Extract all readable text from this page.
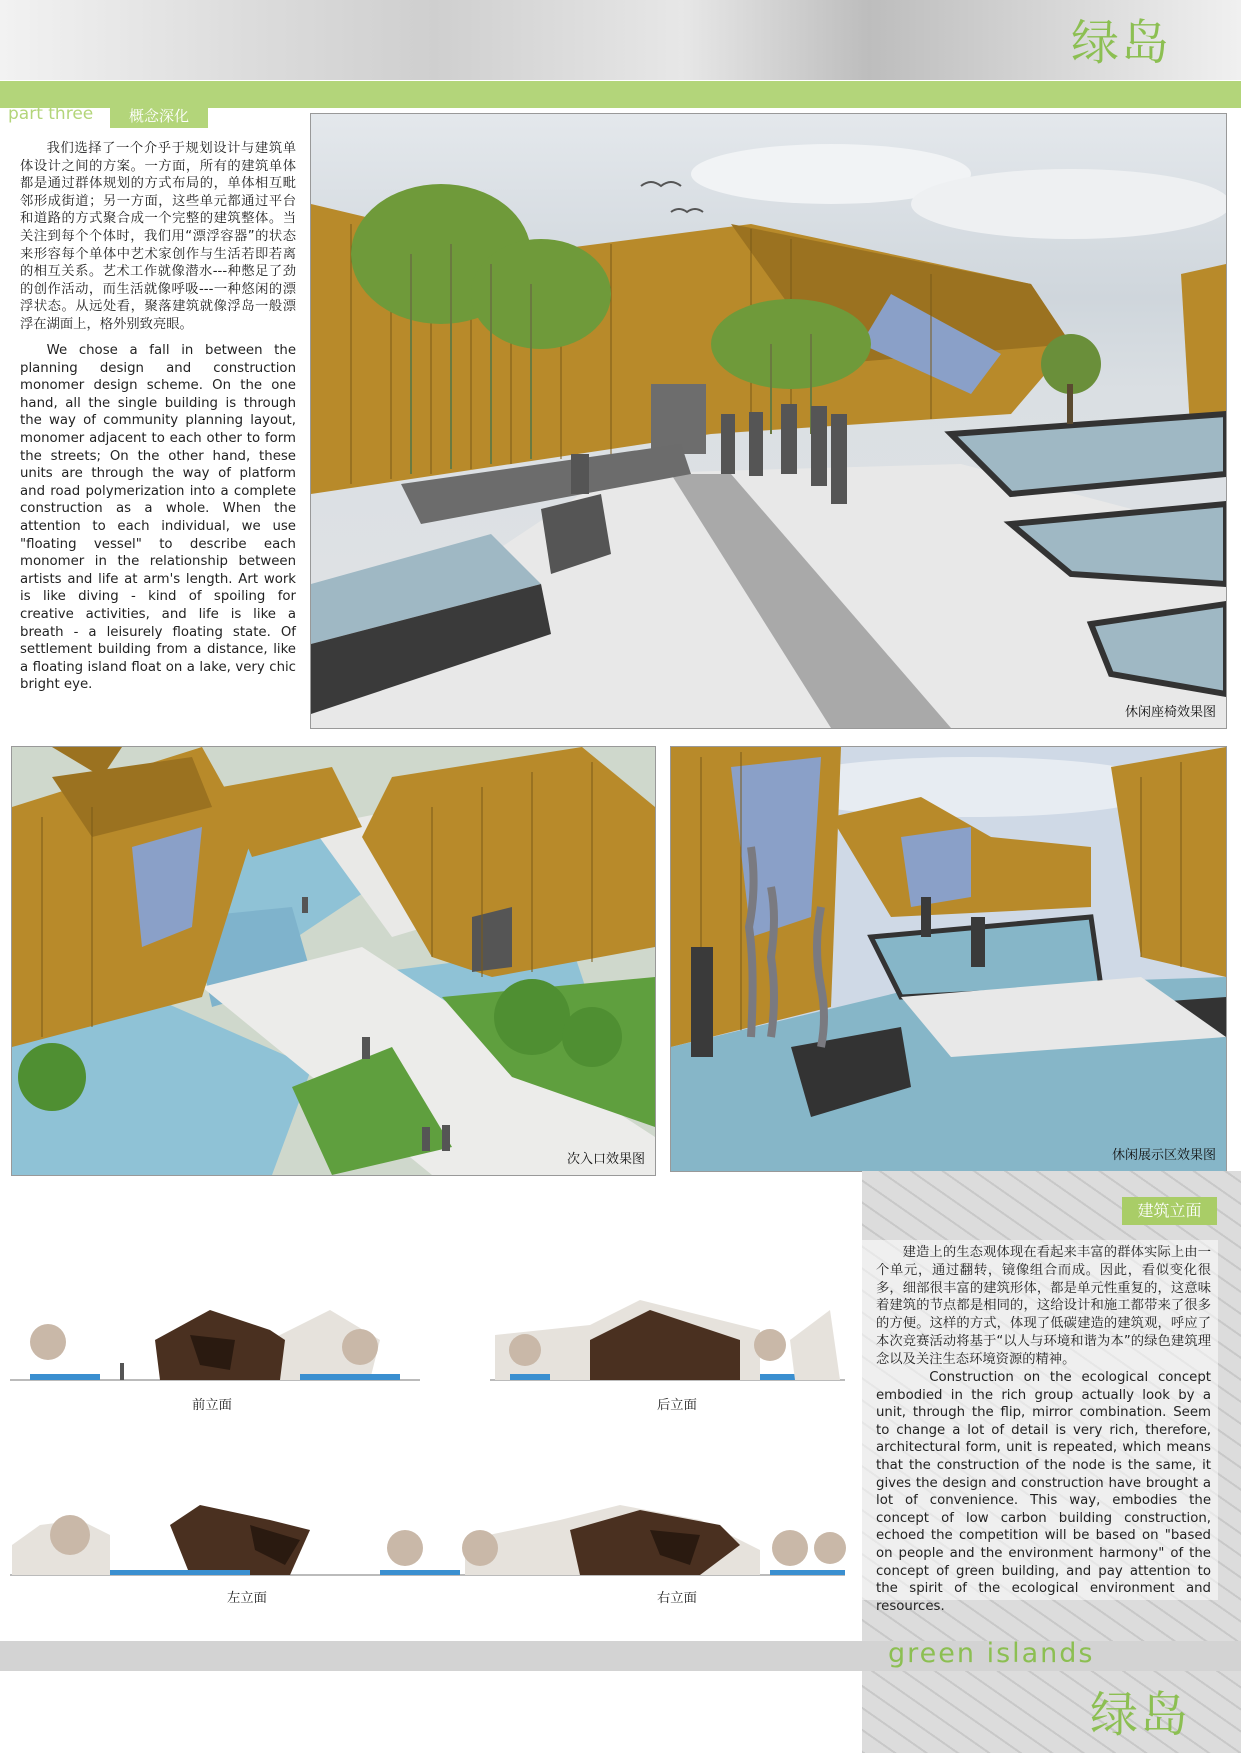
绿岛
part three	概念深化
我们选择了一个介乎于规划设计与建筑单体设计之间的方案。一方面，所有的建筑单体都是通过群体规划的方式布局的，单体相互毗邻形成街道；另一方面，这些单元都通过平台和道路的方式聚合成一个完整的建筑整体。当关注到每个个体时，我们用“漂浮容器”的状态来形容每个单体中艺术家创作与生活若即若离的相互关系。艺术工作就像潜水---种憋足了劲的创作活动，而生活就像呼吸---一种悠闲的漂浮状态。从远处看，聚落建筑就像浮岛一般漂浮在湖面上，格外别致亮眼。
We chose a fall in between the planning design and construction monomer design scheme. On the one hand, all the single building is through the way of community planning layout, monomer adjacent to each other to form the streets; On the other hand, these units are through the way of platform and road polymerization into a complete construction as a whole. When the attention to each individual, we use "floating vessel" to describe each monomer in the relationship between artists and life at arm's length. Art work is like diving - kind of spoiling for creative activities, and life is like a breath - a leisurely floating state. Of settlement building from a distance, like a floating island float on a lake, very chic bright eye.
休闲座椅效果图
次入口效果图	休闲展示区效果图
建筑立面
建造上的生态观体现在看起来丰富的群体实际上由一个单元，通过翻转，镜像组合而成。因此，看似变化很多，细部很丰富的建筑形体，都是单元性重复的，这意味着建筑的节点都是相同的，这给设计和施工都带来了很多的方便。这样的方式，体现了低碳建造的建筑观，呼应了本次竞赛活动将基于“以人与环境和谐为本”的绿色建筑理念以及关注生态环境资源的精神。
Construction on the ecological concept embodied in the rich group actually look by a unit, through the flip, mirror combination. Seem to change a lot of detail is very rich, therefore, architectural form, unit is repeated, which means that the construction of the node is the same, it gives the design and construction have brought a lot of convenience. This way, embodies the concept of low carbon building construction, echoed the competition will be based on "based on people and the environment harmony" of the concept of green building, and pay attention to the spirit of the ecological environment and resources.
前立面	后立面
左立面	右立面
green islands
绿岛
